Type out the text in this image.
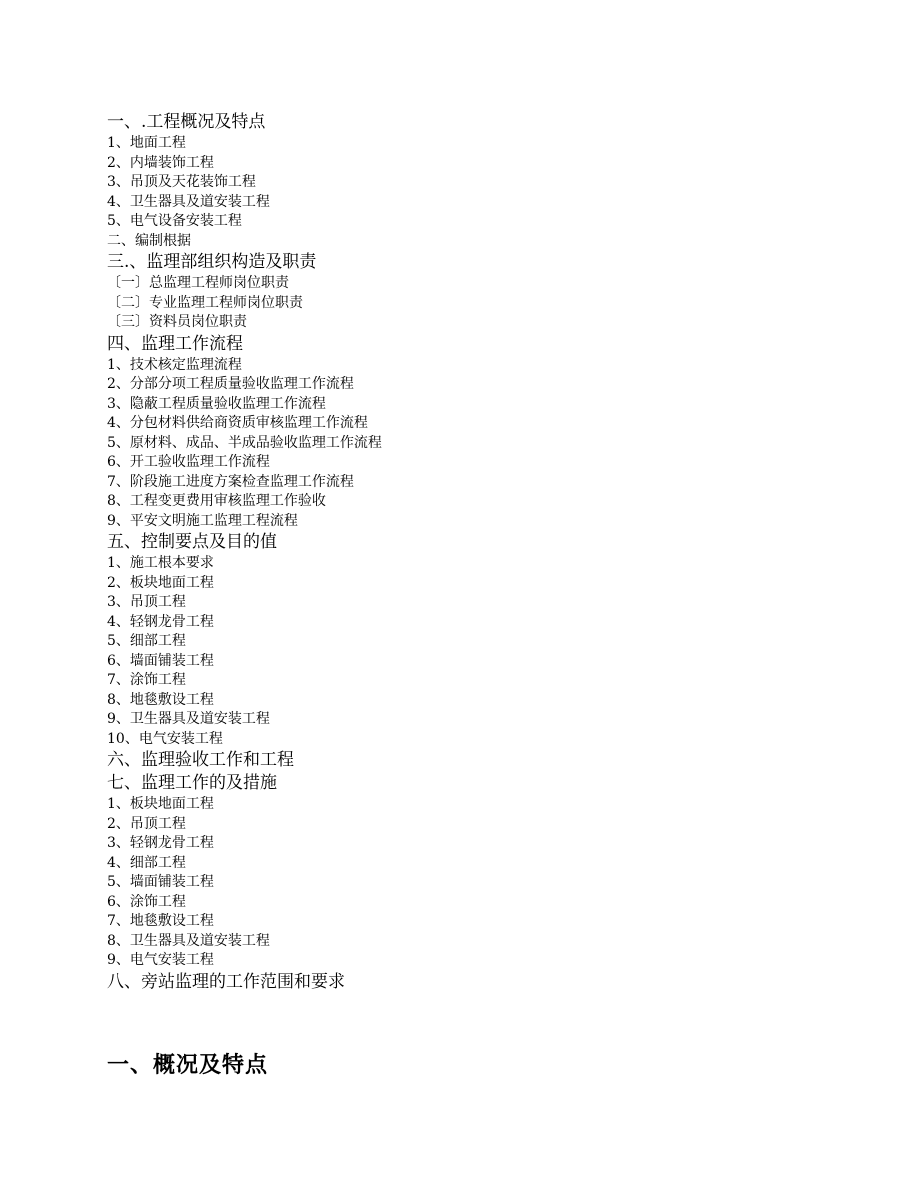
一、.工程概况及特点
1、地面工程
2、内墙装饰工程
3、吊顶及天花装饰工程
4、卫生器具及道安装工程
5、电气设备安装工程
二、编制根据
三.、监理部组织构造及职责
〔一〕总监理工程师岗位职责
〔二〕专业监理工程师岗位职责
〔三〕资料员岗位职责
四、监理工作流程
1、技术核定监理流程
2、分部分项工程质量验收监理工作流程
3、隐蔽工程质量验收监理工作流程
4、分包材料供给商资质审核监理工作流程
5、原材料、成品、半成品验收监理工作流程
6、开工验收监理工作流程
7、阶段施工进度方案检查监理工作流程
8、工程变更费用审核监理工作验收
9、平安文明施工监理工程流程
五、控制要点及目的值
1、施工根本要求
2、板块地面工程
3、吊顶工程
4、轻钢龙骨工程
5、细部工程
6、墙面铺装工程
7、涂饰工程
8、地毯敷设工程
9、卫生器具及道安装工程
10、电气安装工程
六、监理验收工作和工程
七、监理工作的及措施
1、板块地面工程
2、吊顶工程
3、轻钢龙骨工程
4、细部工程
5、墙面铺装工程
6、涂饰工程
7、地毯敷设工程
8、卫生器具及道安装工程
9、电气安装工程
八、旁站监理的工作范围和要求
一、概况及特点
